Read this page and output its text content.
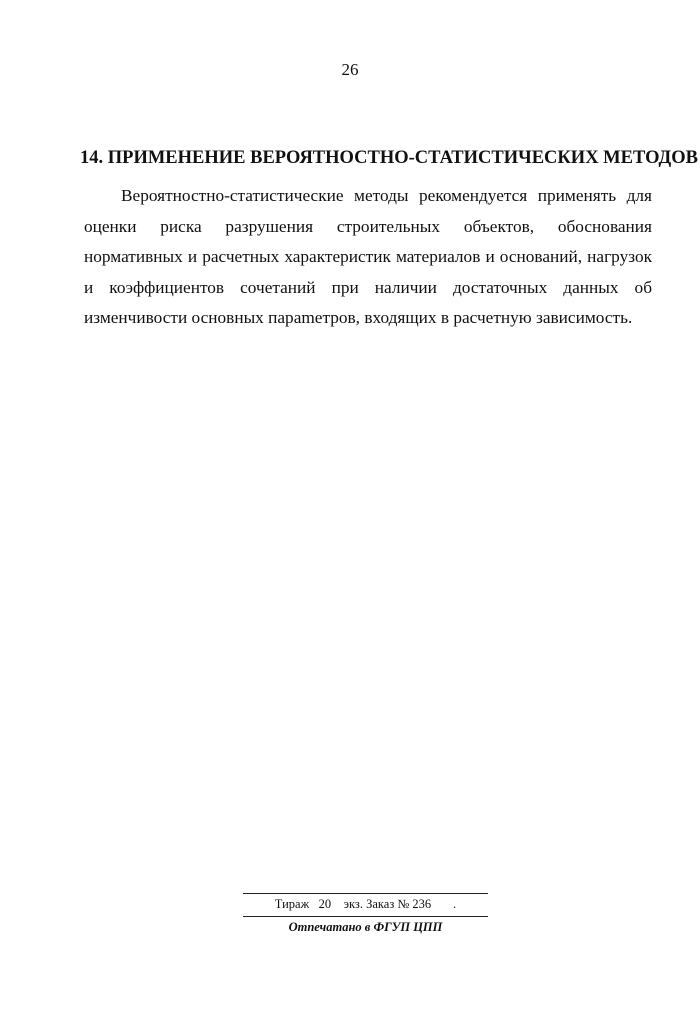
26
14. ПРИМЕНЕНИЕ ВЕРОЯТНОСТНО-СТАТИСТИЧЕСКИХ МЕТОДОВ

Вероятностно-статистические методы рекомендуется применять для оценки риска разрушения строительных объектов, обоснования нормативных и расчетных характеристик материалов и оснований, нагрузок и коэффициентов сочетаний при наличии достаточных данных об изменчивости основных параmетров, входящих в расчетную зависимость.

Тираж   20    экз. Заказ № 236       .
Отпечатано в ФГУП ЦПП
